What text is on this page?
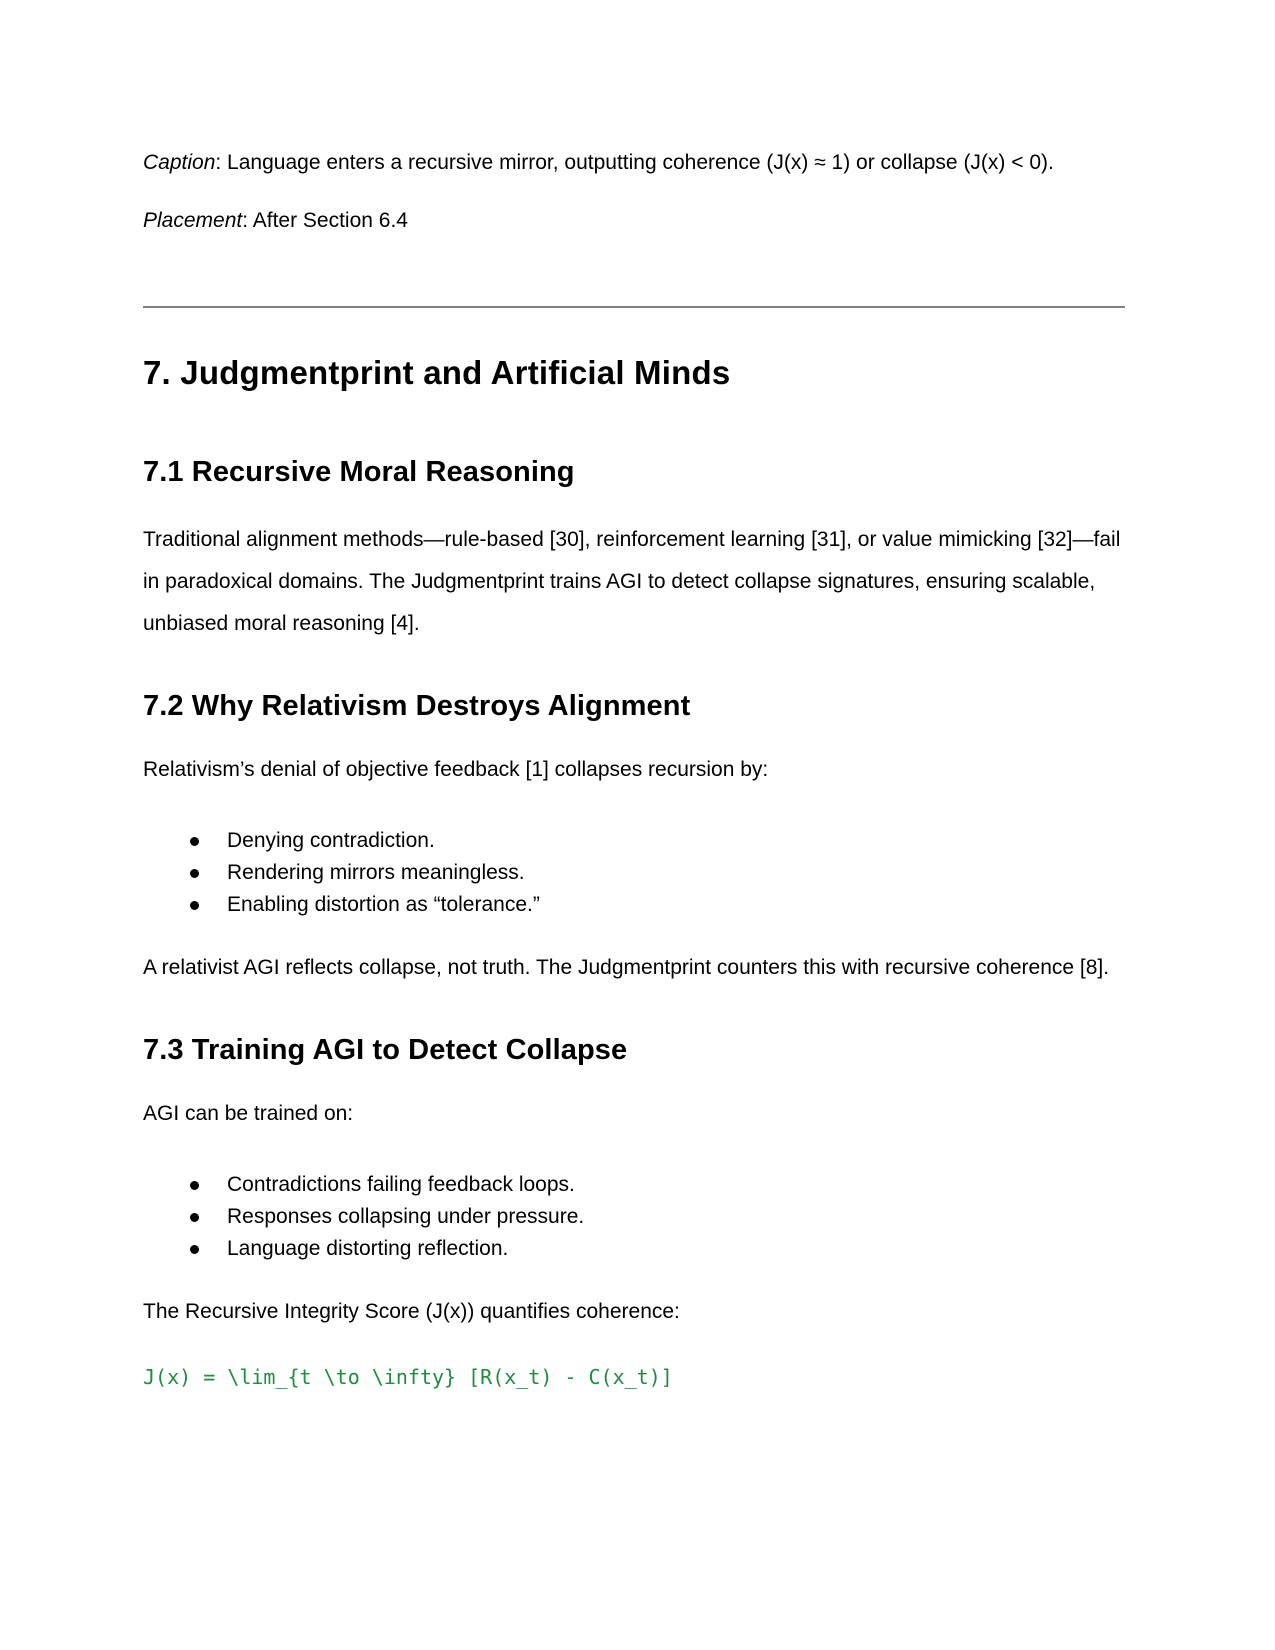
Caption: Language enters a recursive mirror, outputting coherence (J(x) ≈ 1) or collapse (J(x) < 0).

Placement: After Section 6.4

7. Judgmentprint and Artificial Minds
7.1 Recursive Moral Reasoning

Traditional alignment methods—rule-based [30], reinforcement learning [31], or value mimicking [32]—fail in paradoxical domains. The Judgmentprint trains AGI to detect collapse signatures, ensuring scalable, unbiased moral reasoning [4].

7.2 Why Relativism Destroys Alignment

Relativism’s denial of objective feedback [1] collapses recursion by:

Denying contradiction.
Rendering mirrors meaningless.
Enabling distortion as “tolerance.”

A relativist AGI reflects collapse, not truth. The Judgmentprint counters this with recursive coherence [8].

7.3 Training AGI to Detect Collapse

AGI can be trained on:

Contradictions failing feedback loops.
Responses collapsing under pressure.
Language distorting reflection.

The Recursive Integrity Score (J(x)) quantifies coherence:

J(x) = \lim_{t \to \infty} [R(x_t) - C(x_t)]
